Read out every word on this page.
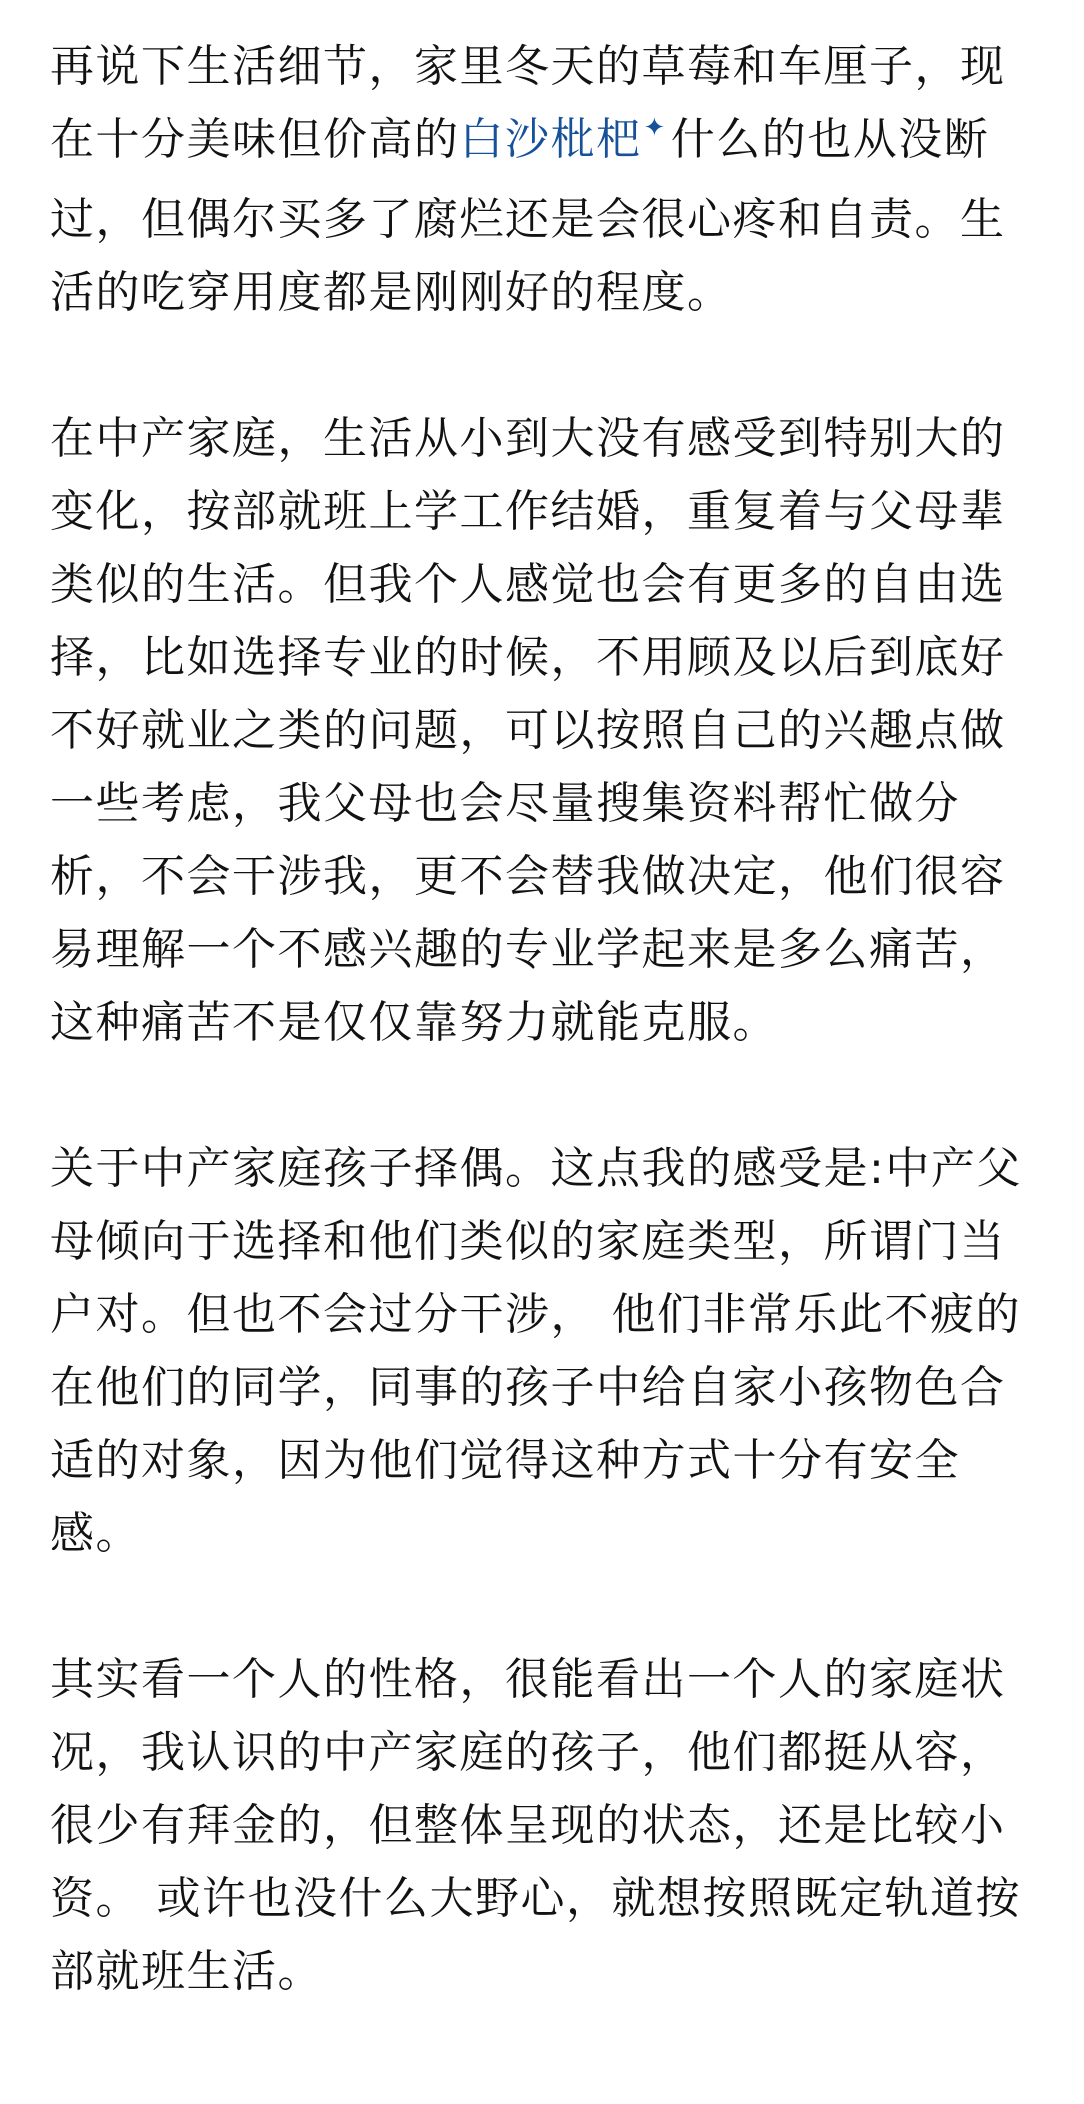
再说下生活细节，家里冬天的草莓和车厘子，现在十分美味但价高的白沙枇杷✦什么的也从没断过，但偶尔买多了腐烂还是会很心疼和自责。生活的吃穿用度都是刚刚好的程度。

在中产家庭，生活从小到大没有感受到特别大的变化，按部就班上学工作结婚，重复着与父母辈类似的生活。但我个人感觉也会有更多的自由选择，比如选择专业的时候，不用顾及以后到底好不好就业之类的问题，可以按照自己的兴趣点做一些考虑，我父母也会尽量搜集资料帮忙做分析，不会干涉我，更不会替我做决定，他们很容易理解一个不感兴趣的专业学起来是多么痛苦，这种痛苦不是仅仅靠努力就能克服。

关于中产家庭孩子择偶。这点我的感受是:中产父母倾向于选择和他们类似的家庭类型，所谓门当户对。但也不会过分干涉， 他们非常乐此不疲的在他们的同学，同事的孩子中给自家小孩物色合适的对象，因为他们觉得这种方式十分有安全感。

其实看一个人的性格，很能看出一个人的家庭状况，我认识的中产家庭的孩子，他们都挺从容，很少有拜金的，但整体呈现的状态，还是比较小资。 或许也没什么大野心，就想按照既定轨道按部就班生活。
